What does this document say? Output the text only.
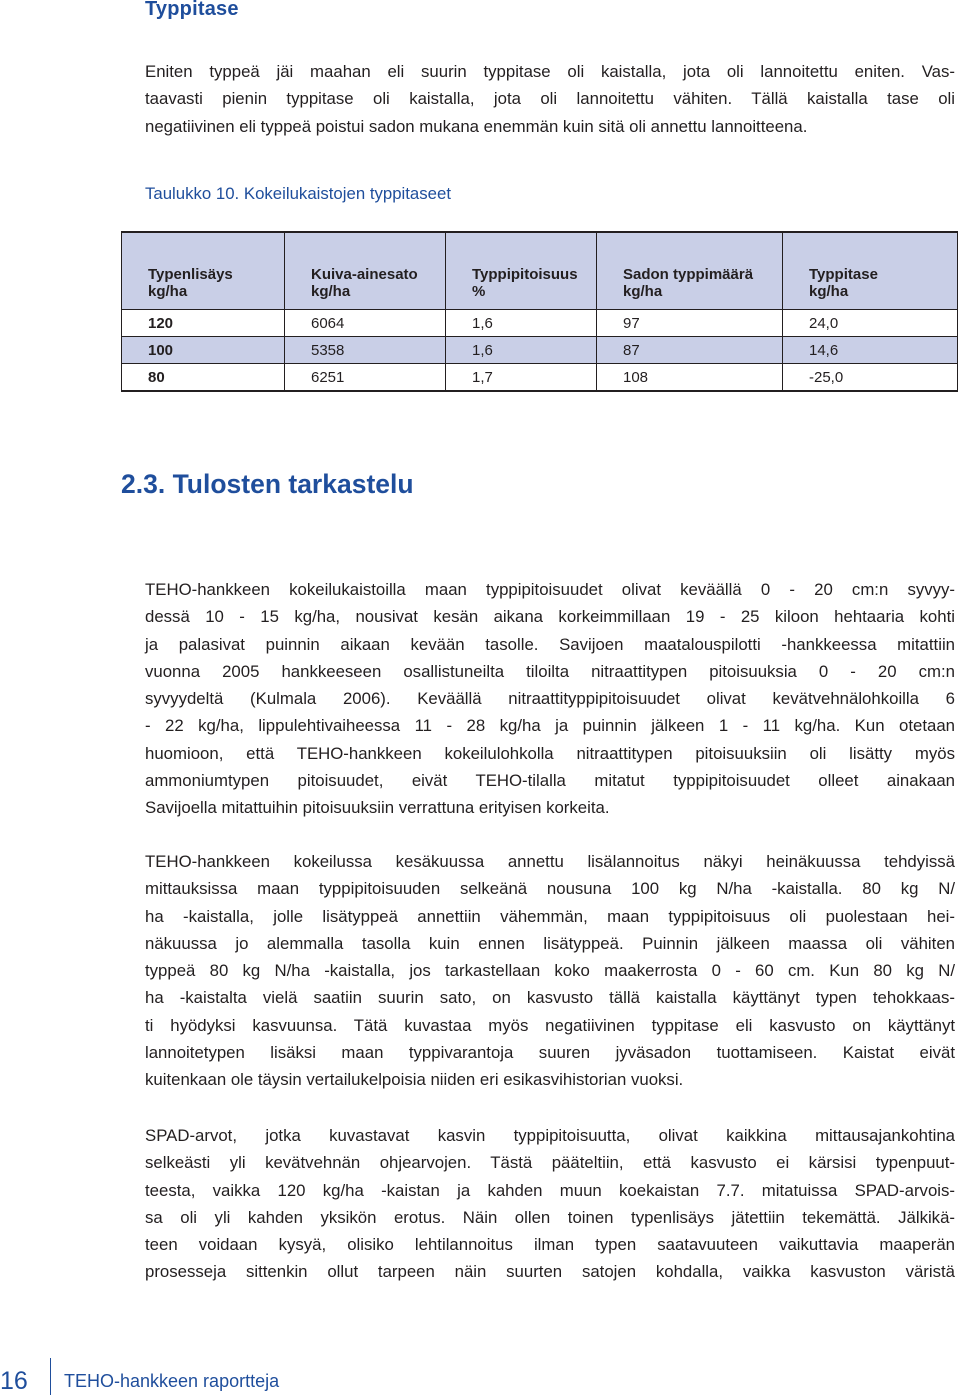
Typpitase
Eniten typpeä jäi maahan eli suurin typpitase oli kaistalla, jota oli lannoitettu eniten. Vas-
taavasti pienin typpitase oli kaistalla, jota oli lannoitettu vähiten. Tällä kaistalla tase oli
negatiivinen eli typpeä poistui sadon mukana enemmän kuin sitä oli annettu lannoitteena.

Taulukko 10. Kokeilukaistojen typpitaseet

Typenlisäys	Kuiva-ainesato	Typpipitoisuus	Sadon typpimäärä	Typpitase
kg/ha	kg/ha	%	kg/ha	kg/ha
120	6064	1,6	97	24,0
100	5358	1,6	87	14,6
80	6251	1,7	108	-25,0
2.3. Tulosten tarkastelu
TEHO-hankkeen kokeilukaistoilla maan typpipitoisuudet olivat keväällä 0 - 20 cm:n syvyy-
dessä 10 - 15 kg/ha, nousivat kesän aikana korkeimmillaan 19 - 25 kiloon hehtaaria kohti
ja palasivat puinnin aikaan kevään tasolle. Savijoen maatalouspilotti -hankkeessa mitattiin
vuonna 2005 hankkeeseen osallistuneilta tiloilta nitraattitypen pitoisuuksia 0 - 20 cm:n
syvyydeltä (Kulmala 2006). Keväällä nitraattityppipitoisuudet olivat kevätvehnälohkoilla 6
- 22 kg/ha, lippulehtivaiheessa 11 - 28 kg/ha ja puinnin jälkeen 1 - 11 kg/ha. Kun otetaan
huomioon, että TEHO-hankkeen kokeilulohkolla nitraattitypen pitoisuuksiin oli lisätty myös
ammoniumtypen pitoisuudet, eivät TEHO-tilalla mitatut typpipitoisuudet olleet ainakaan
Savijoella mitattuihin pitoisuuksiin verrattuna erityisen korkeita.
TEHO-hankkeen kokeilussa kesäkuussa annettu lisälannoitus näkyi heinäkuussa tehdyissä
mittauksissa maan typpipitoisuuden selkeänä nousuna 100 kg N/ha -kaistalla. 80 kg N/
ha -kaistalla, jolle lisätyppeä annettiin vähemmän, maan typpipitoisuus oli puolestaan hei-
näkuussa jo alemmalla tasolla kuin ennen lisätyppeä. Puinnin jälkeen maassa oli vähiten
typpeä 80 kg N/ha -kaistalla, jos tarkastellaan koko maakerrosta 0 - 60 cm. Kun 80 kg N/
ha -kaistalta vielä saatiin suurin sato, on kasvusto tällä kaistalla käyttänyt typen tehokkaas-
ti hyödyksi kasvuunsa. Tätä kuvastaa myös negatiivinen typpitase eli kasvusto on käyttänyt
lannoitetypen lisäksi maan typpivarantoja suuren jyväsadon tuottamiseen. Kaistat eivät
kuitenkaan ole täysin vertailukelpoisia niiden eri esikasvihistorian vuoksi.
SPAD-arvot, jotka kuvastavat kasvin typpipitoisuutta, olivat kaikkina mittausajankohtina
selkeästi yli kevätvehnän ohjearvojen. Tästä pääteltiin, että kasvusto ei kärsisi typenpuut-
teesta, vaikka 120 kg/ha -kaistan ja kahden muun koekaistan 7.7. mitatuissa SPAD-arvois-
sa oli yli kahden yksikön erotus. Näin ollen toinen typenlisäys jätettiin tekemättä. Jälkikä-
teen voidaan kysyä, olisiko lehtilannoitus ilman typen saatavuuteen vaikuttavia maaperän
prosesseja sittenkin ollut tarpeen näin suurten satojen kohdalla, vaikka kasvuston väristä
16 TEHO-hankkeen raportteja
